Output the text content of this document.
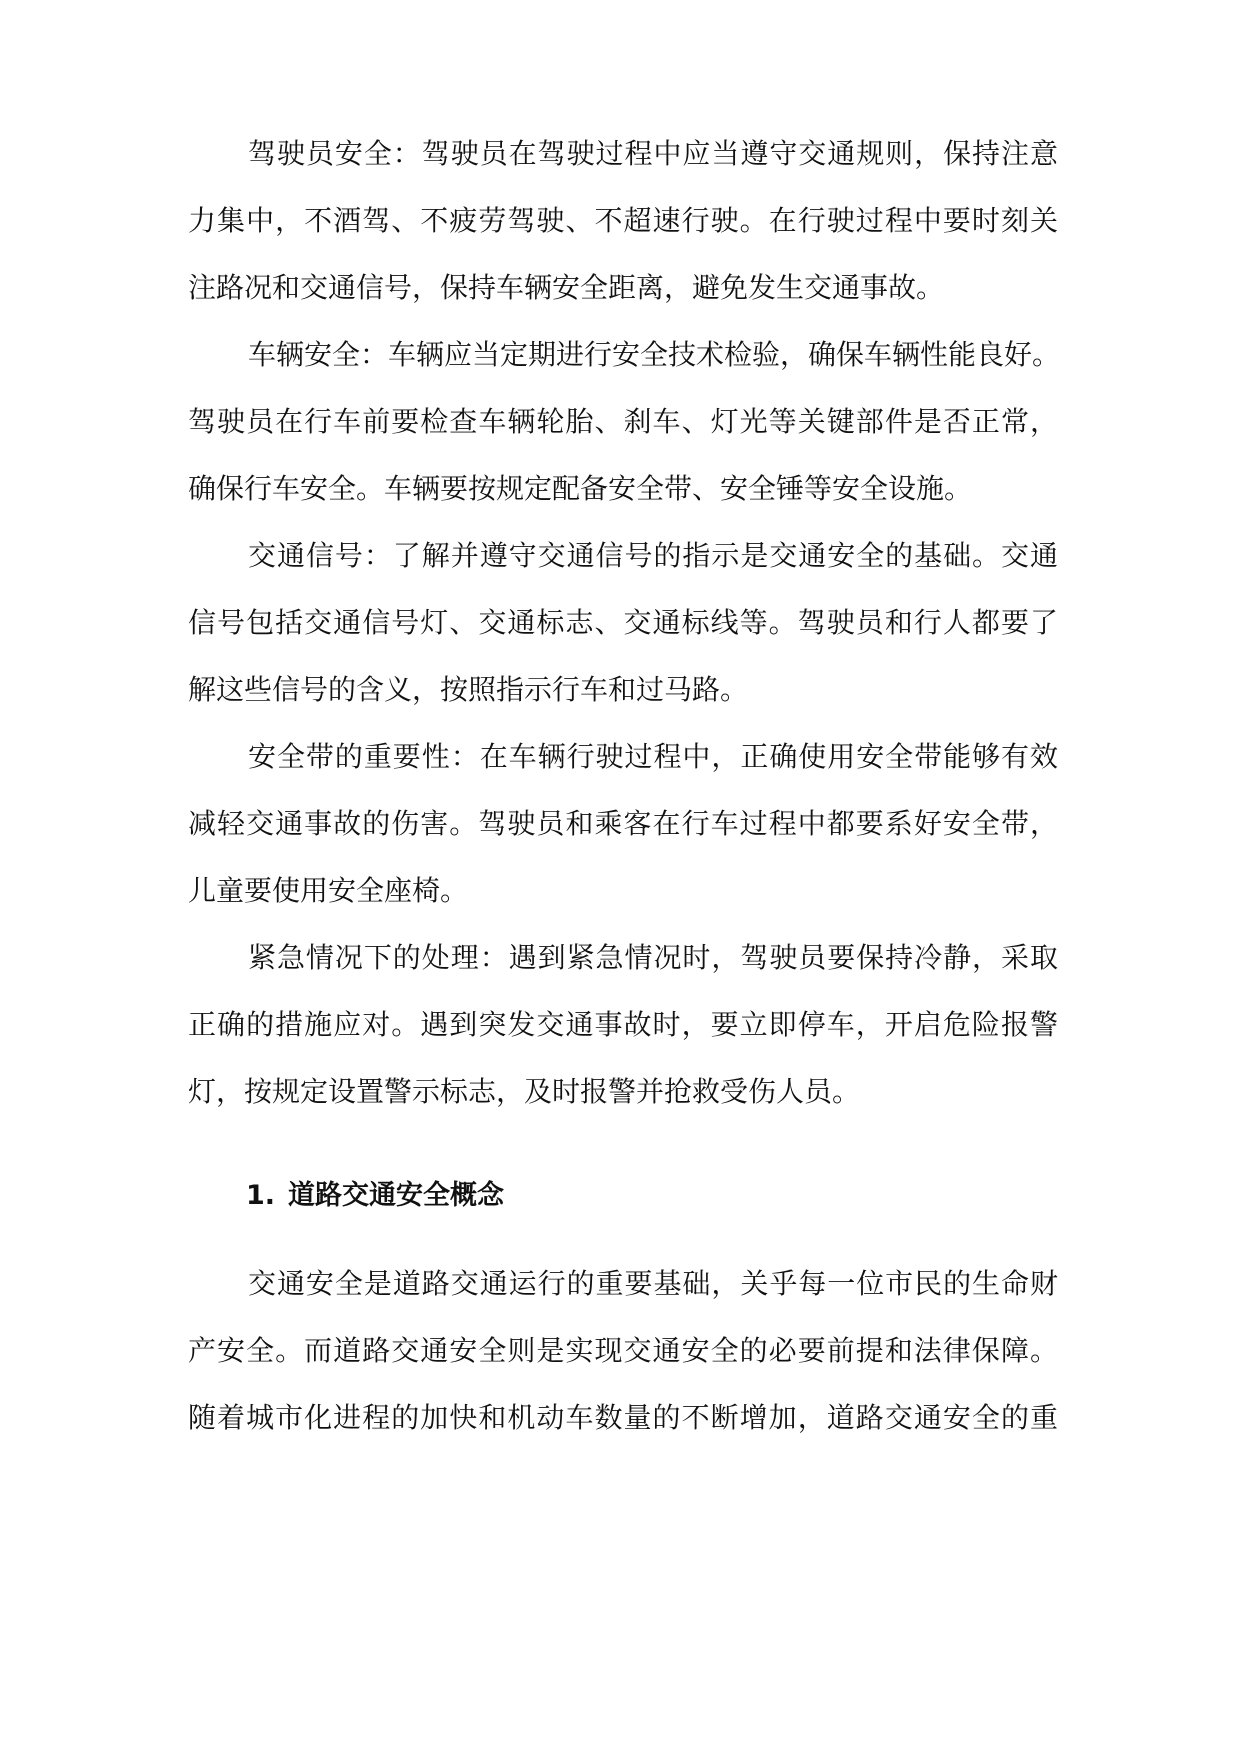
驾驶员安全：驾驶员在驾驶过程中应当遵守交通规则，保持注意
力集中，不酒驾、不疲劳驾驶、不超速行驶。在行驶过程中要时刻关
注路况和交通信号，保持车辆安全距离，避免发生交通事故。
车辆安全：车辆应当定期进行安全技术检验，确保车辆性能良好。
驾驶员在行车前要检查车辆轮胎、刹车、灯光等关键部件是否正常，
确保行车安全。车辆要按规定配备安全带、安全锤等安全设施。
交通信号：了解并遵守交通信号的指示是交通安全的基础。交通
信号包括交通信号灯、交通标志、交通标线等。驾驶员和行人都要了
解这些信号的含义，按照指示行车和过马路。
安全带的重要性：在车辆行驶过程中，正确使用安全带能够有效
减轻交通事故的伤害。驾驶员和乘客在行车过程中都要系好安全带，
儿童要使用安全座椅。
紧急情况下的处理：遇到紧急情况时，驾驶员要保持冷静，采取
正确的措施应对。遇到突发交通事故时，要立即停车，开启危险报警
灯，按规定设置警示标志，及时报警并抢救受伤人员。
1. 道路交通安全概念
交通安全是道路交通运行的重要基础，关乎每一位市民的生命财
产安全。而道路交通安全则是实现交通安全的必要前提和法律保障。
随着城市化进程的加快和机动车数量的不断增加，道路交通安全的重
